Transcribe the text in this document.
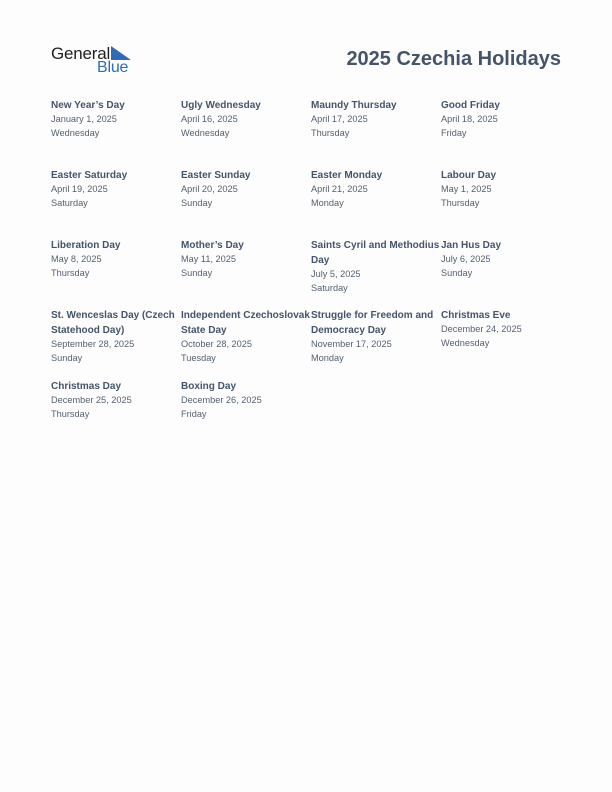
General
Blue	2025 Czechia Holidays
New Year’s Day
January 1, 2025
Wednesday
Ugly Wednesday
April 16, 2025
Wednesday
Maundy Thursday
April 17, 2025
Thursday
Good Friday
April 18, 2025
Friday
Easter Saturday
April 19, 2025
Saturday
Easter Sunday
April 20, 2025
Sunday
Easter Monday
April 21, 2025
Monday
Labour Day
May 1, 2025
Thursday
Liberation Day
May 8, 2025
Thursday
Mother’s Day
May 11, 2025
Sunday
Saints Cyril and Methodius Day
July 5, 2025
Saturday
Jan Hus Day
July 6, 2025
Sunday
St. Wenceslas Day (Czech Statehood Day)
September 28, 2025
Sunday
Independent Czechoslovak State Day
October 28, 2025
Tuesday
Struggle for Freedom and Democracy Day
November 17, 2025
Monday
Christmas Eve
December 24, 2025
Wednesday
Christmas Day
December 25, 2025
Thursday
Boxing Day
December 26, 2025
Friday
